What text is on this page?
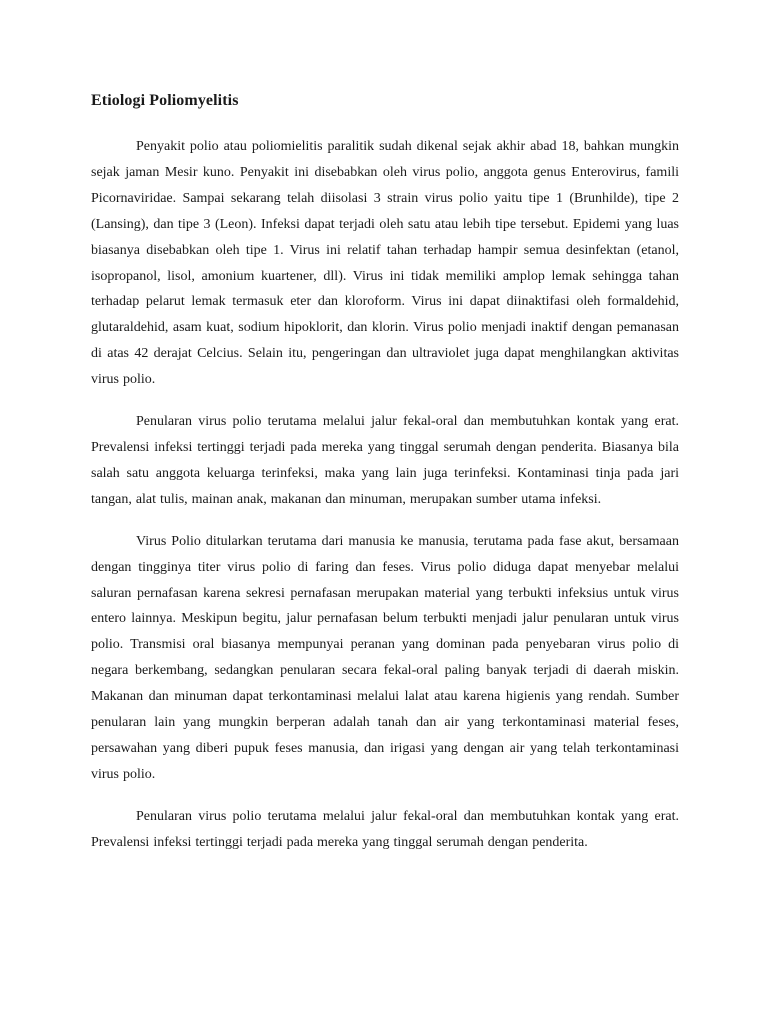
Etiologi Poliomyelitis

Penyakit polio atau poliomielitis paralitik sudah dikenal sejak akhir abad 18, bahkan mungkin sejak jaman Mesir kuno. Penyakit ini disebabkan oleh virus polio, anggota genus Enterovirus, famili Picornaviridae. Sampai sekarang telah diisolasi 3 strain virus polio yaitu tipe 1 (Brunhilde), tipe 2 (Lansing), dan tipe 3 (Leon). Infeksi dapat terjadi oleh satu atau lebih tipe tersebut. Epidemi yang luas biasanya disebabkan oleh tipe 1. Virus ini relatif tahan terhadap hampir semua desinfektan (etanol, isopropanol, lisol, amonium kuartener, dll). Virus ini tidak memiliki amplop lemak sehingga tahan terhadap pelarut lemak termasuk eter dan kloroform. Virus ini dapat diinaktifasi oleh formaldehid, glutaraldehid, asam kuat, sodium hipoklorit, dan klorin. Virus polio menjadi inaktif dengan pemanasan di atas 42 derajat Celcius. Selain itu, pengeringan dan ultraviolet juga dapat menghilangkan aktivitas virus polio.

Penularan virus polio terutama melalui jalur fekal-oral dan membutuhkan kontak yang erat. Prevalensi infeksi tertinggi terjadi pada mereka yang tinggal serumah dengan penderita. Biasanya bila salah satu anggota keluarga terinfeksi, maka yang lain juga terinfeksi. Kontaminasi tinja pada jari tangan, alat tulis, mainan anak, makanan dan minuman, merupakan sumber utama infeksi.

Virus Polio ditularkan terutama dari manusia ke manusia, terutama pada fase akut, bersamaan dengan tingginya titer virus polio di faring dan feses. Virus polio diduga dapat menyebar melalui saluran pernafasan karena sekresi pernafasan merupakan material yang terbukti infeksius untuk virus entero lainnya. Meskipun begitu, jalur pernafasan belum terbukti menjadi jalur penularan untuk virus polio. Transmisi oral biasanya mempunyai peranan yang dominan pada penyebaran virus polio di negara berkembang, sedangkan penularan secara fekal-oral paling banyak terjadi di daerah miskin. Makanan dan minuman dapat terkontaminasi melalui lalat atau karena higienis yang rendah. Sumber penularan lain yang mungkin berperan adalah tanah dan air yang terkontaminasi material feses, persawahan yang diberi pupuk feses manusia, dan irigasi yang dengan air yang telah terkontaminasi virus polio.

Penularan virus polio terutama melalui jalur fekal-oral dan membutuhkan kontak yang erat. Prevalensi infeksi tertinggi terjadi pada mereka yang tinggal serumah dengan penderita.
